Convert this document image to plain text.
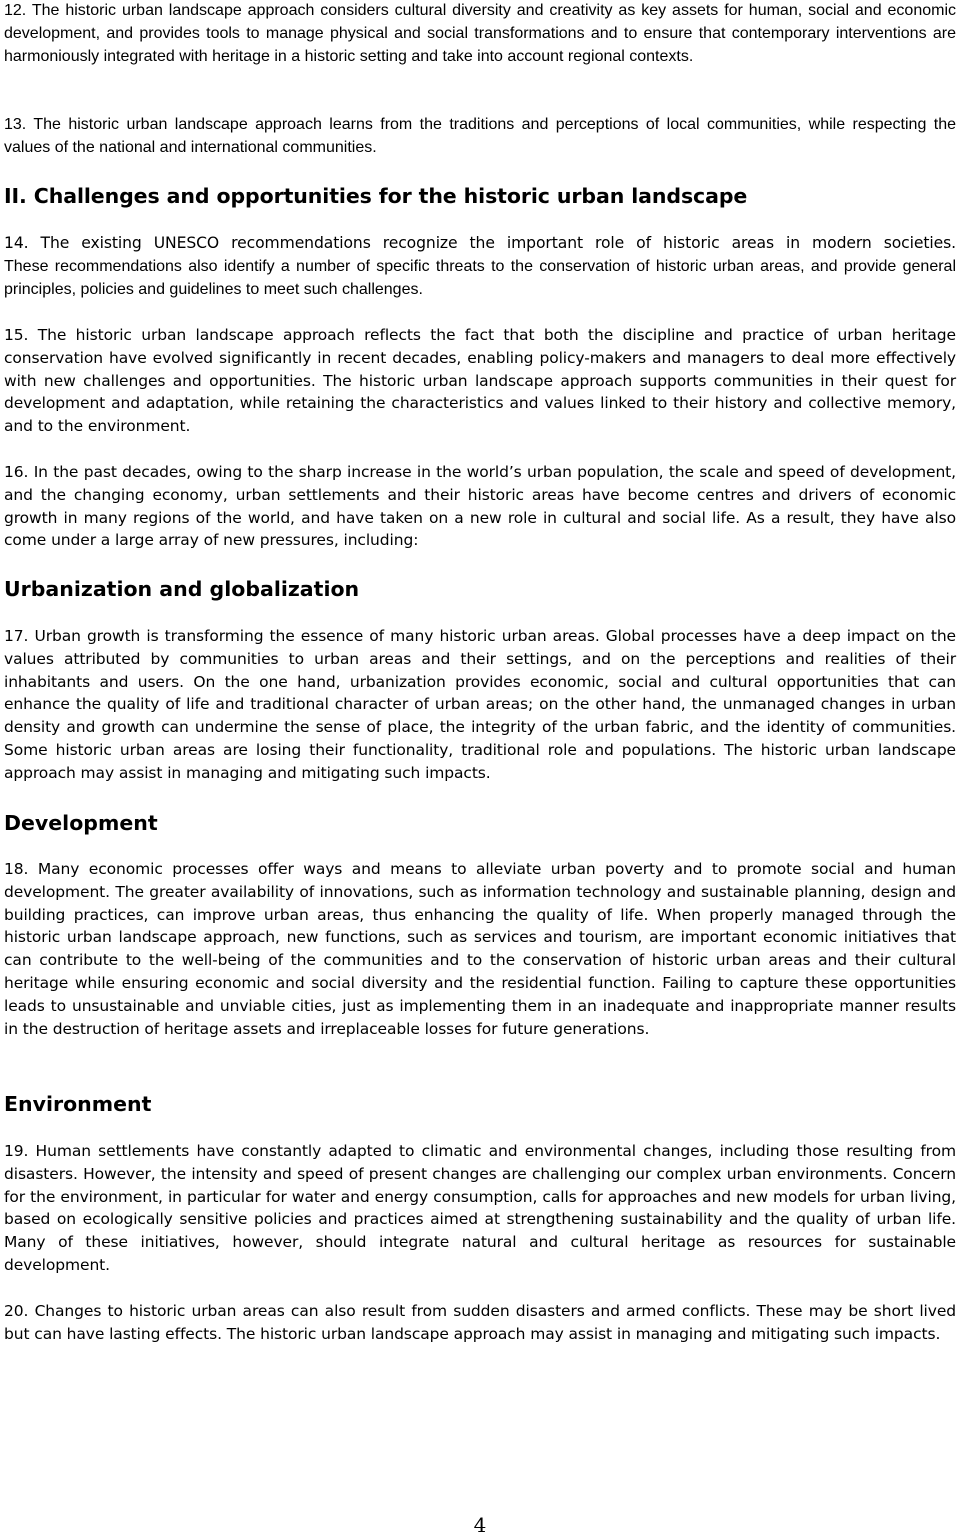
12. The historic urban landscape approach considers cultural diversity and creativity as key assets for human, social and economic development, and provides tools to manage physical and social transformations and to ensure that contemporary interventions are harmoniously integrated with heritage in a historic setting and take into account regional contexts.

13. The historic urban landscape approach learns from the traditions and perceptions of local communities, while respecting the values of the national and international communities.

II. Challenges and opportunities for the historic urban landscape

14. The existing UNESCO recommendations recognize the important role of historic areas in modern societies.

These recommendations also identify a number of specific threats to the conservation of historic urban areas, and provide general principles, policies and guidelines to meet such challenges.

15. The historic urban landscape approach reflects the fact that both the discipline and practice of urban heritage conservation have evolved significantly in recent decades, enabling policy-makers and managers to deal more effectively with new challenges and opportunities. The historic urban landscape approach supports communities in their quest for development and adaptation, while retaining the characteristics and values linked to their history and collective memory, and to the environment.

16. In the past decades, owing to the sharp increase in the world’s urban population, the scale and speed of development, and the changing economy, urban settlements and their historic areas have become centres and drivers of economic growth in many regions of the world, and have taken on a new role in cultural and social life. As a result, they have also come under a large array of new pressures, including:

Urbanization and globalization

17. Urban growth is transforming the essence of many historic urban areas. Global processes have a deep impact on the values attributed by communities to urban areas and their settings, and on the perceptions and realities of their inhabitants and users. On the one hand, urbanization provides economic, social and cultural opportunities that can enhance the quality of life and traditional character of urban areas; on the other hand, the unmanaged changes in urban density and growth can undermine the sense of place, the integrity of the urban fabric, and the identity of communities. Some historic urban areas are losing their functionality, traditional role and populations. The historic urban landscape approach may assist in managing and mitigating such impacts.

Development

18. Many economic processes offer ways and means to alleviate urban poverty and to promote social and human development. The greater availability of innovations, such as information technology and sustainable planning, design and building practices, can improve urban areas, thus enhancing the quality of life. When properly managed through the historic urban landscape approach, new functions, such as services and tourism, are important economic initiatives that can contribute to the well-being of the communities and to the conservation of historic urban areas and their cultural heritage while ensuring economic and social diversity and the residential function. Failing to capture these opportunities leads to unsustainable and unviable cities, just as implementing them in an inadequate and inappropriate manner results in the destruction of heritage assets and irreplaceable losses for future generations.

Environment

19. Human settlements have constantly adapted to climatic and environmental changes, including those resulting from disasters. However, the intensity and speed of present changes are challenging our complex urban environments. Concern for the environment, in particular for water and energy consumption, calls for approaches and new models for urban living, based on ecologically sensitive policies and practices aimed at strengthening sustainability and the quality of urban life. Many of these initiatives, however, should integrate natural and cultural heritage as resources for sustainable development.

20. Changes to historic urban areas can also result from sudden disasters and armed conflicts. These may be short lived but can have lasting effects. The historic urban landscape approach may assist in managing and mitigating such impacts.

4
